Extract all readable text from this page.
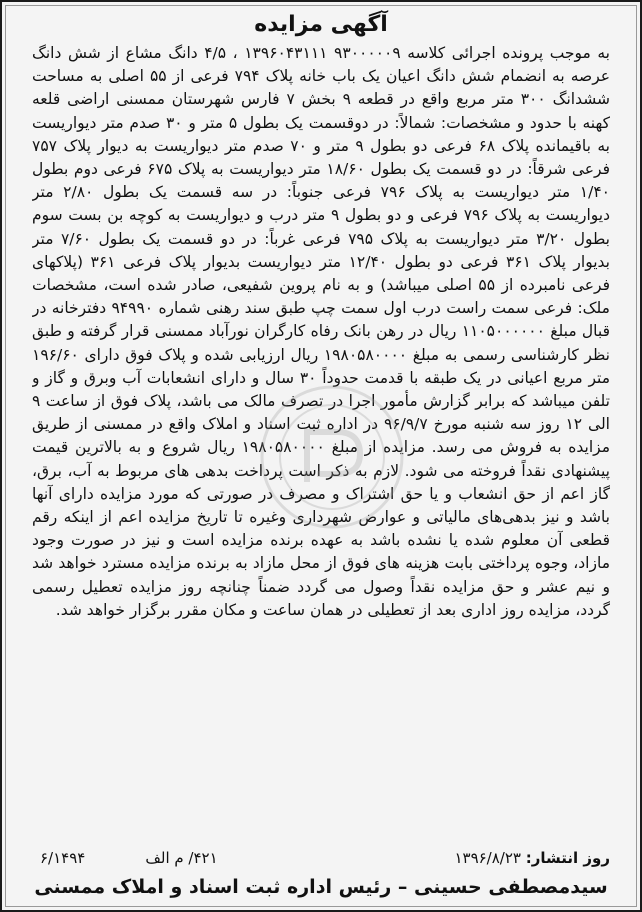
آگهی مزایده

به موجب پرونده اجرائی کلاسه ۹۳۰۰۰۰۰۹ ۱۳۹۶۰۴۳۱۱۱ ، ۴/۵ دانگ مشاع از شش دانگ عرصه به انضمام شش دانگ اعیان یک باب خانه پلاک ۷۹۴ فرعی از ۵۵ اصلی به مساحت ششدانگ ۳۰۰ متر مربع واقع در قطعه ۹ بخش ۷ فارس شهرستان ممسنی اراضی قلعه کهنه با حدود و مشخصات: شمالاً: در دوقسمت یک بطول ۵ متر و ۳۰ صدم متر دیواریست به باقیمانده پلاک ۶۸ فرعی دو بطول ۹ متر و ۷۰ صدم متر دیواریست به دیوار پلاک ۷۵۷ فرعی شرقاً: در دو قسمت یک بطول ۱۸/۶۰ متر دیواریست به پلاک ۶۷۵ فرعی دوم بطول ۱/۴۰ متر دیواریست به پلاک ۷۹۶ فرعی جنوباً: در سه قسمت یک بطول ۲/۸۰ متر دیواریست به پلاک ۷۹۶ فرعی و دو بطول ۹ متر درب و دیواریست به کوچه بن بست سوم بطول ۳/۲۰ متر دیواریست به پلاک ۷۹۵ فرعی غرباً: در دو قسمت یک بطول ۷/۶۰ متر بدیوار پلاک ۳۶۱ فرعی دو بطول ۱۲/۴۰ متر دیواریست بدیوار پلاک فرعی ۳۶۱ (پلاکهای فرعی نامبرده از ۵۵ اصلی میباشد) و به نام پروین شفیعی، صادر شده است، مشخصات ملک: فرعی سمت راست درب اول سمت چپ طبق سند رهنی شماره ۹۴۹۹۰ دفترخانه در قبال مبلغ ۱۱۰۵۰۰۰۰۰۰ ریال در رهن بانک رفاه کارگران نورآباد ممسنی قرار گرفته و طبق نظر کارشناسی رسمی به مبلغ ۱۹۸۰۵۸۰۰۰۰ ریال ارزیابی شده و پلاک فوق دارای ۱۹۶/۶۰ متر مربع اعیانی در یک طبقه با قدمت حدوداً ۳۰ سال و دارای انشعابات آب وبرق و گاز و تلفن میباشد که برابر گزارش مأمور اجرا در تصرف مالک می باشد، پلاک فوق از ساعت ۹ الی ۱۲ روز سه شنبه مورخ ۹۶/۹/۷ در اداره ثبت اسناد و املاک واقع در ممسنی از طریق مزایده به فروش می رسد. مزایده از مبلغ ۱۹۸۰۵۸۰۰۰۰ ریال شروع و به بالاترین قیمت پیشنهادی نقداً فروخته می شود. لازم به ذکر است پرداخت بدهی های مربوط به آب، برق، گاز اعم از حق انشعاب و یا حق اشتراک و مصرف در صورتی که مورد مزایده دارای آنها باشد و نیز بدهی‌های مالیاتی و عوارض شهرداری وغیره تا تاریخ مزایده اعم از اینکه رقم قطعی آن معلوم شده یا نشده باشد به عهده برنده مزایده است و نیز در صورت وجود مازاد، وجوه پرداختی بابت هزینه های فوق از محل مازاد به برنده مزایده مسترد خواهد شد و نیم عشر و حق مزایده نقداً وصول می گردد ضمناً چنانچه روز مزایده تعطیل رسمی گردد، مزایده روز اداری بعد از تعطیلی در همان ساعت و مکان مقرر برگزار خواهد شد.

روز انتشار: ۱۳۹۶/۸/۲۳
۶/۱۴۹۴	۴۲۱/ م الف
سیدمصطفی حسینی – رئیس اداره ثبت اسناد و املاک ممسنی
